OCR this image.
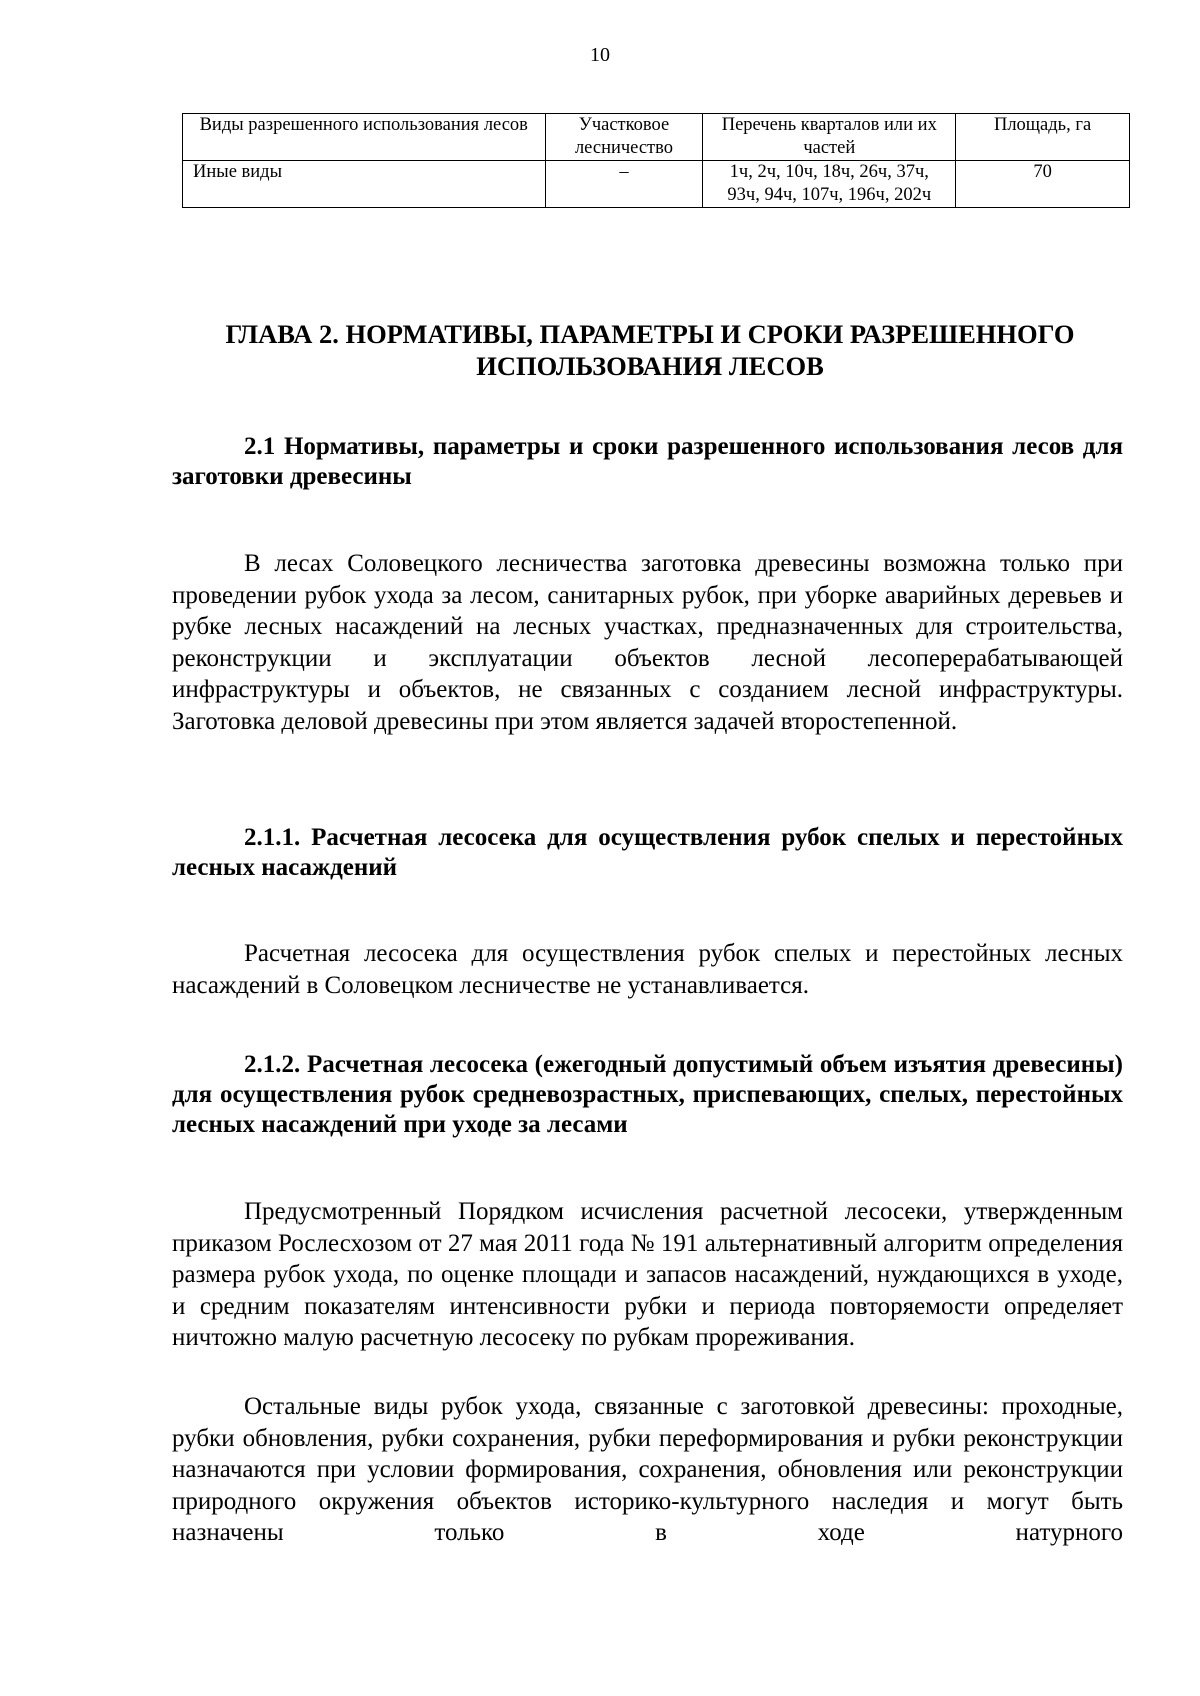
10
Виды разрешенного использования лесов	Участковое лесничество	Перечень кварталов или их частей	Площадь, га
Иные виды	–	1ч, 2ч, 10ч, 18ч, 26ч, 37ч, 93ч, 94ч, 107ч, 196ч, 202ч	70
ГЛАВА 2. НОРМАТИВЫ, ПАРАМЕТРЫ И СРОКИ РАЗРЕШЕННОГО ИСПОЛЬЗОВАНИЯ ЛЕСОВ
2.1 Нормативы, параметры и сроки разрешенного использования лесов для заготовки древесины

В лесах Соловецкого лесничества заготовка древесины возможна только при проведении рубок ухода за лесом, санитарных рубок, при уборке аварийных деревьев и рубке лесных насаждений на лесных участках, предназначенных для строительства, реконструкции и эксплуатации объектов лесной лесоперерабатывающей инфраструктуры и объектов, не связанных с созданием лесной инфраструктуры. Заготовка деловой древесины при этом является задачей второстепенной.

2.1.1. Расчетная лесосека для осуществления рубок спелых и перестойных лесных насаждений

Расчетная лесосека для осуществления рубок спелых и перестойных лесных насаждений в Соловецком лесничестве не устанавливается.

2.1.2. Расчетная лесосека (ежегодный допустимый объем изъятия древесины) для осуществления рубок средневозрастных, приспевающих, спелых, перестойных лесных насаждений при уходе за лесами

Предусмотренный Порядком исчисления расчетной лесосеки, утвержденным приказом Рослесхозом от 27 мая 2011 года № 191 альтернативный алгоритм определения размера рубок ухода, по оценке площади и запасов насаждений, нуждающихся в уходе, и средним показателям интенсивности рубки и периода повторяемости определяет ничтожно малую расчетную лесосеку по рубкам прореживания.

Остальные виды рубок ухода, связанные с заготовкой древесины: проходные, рубки обновления, рубки сохранения, рубки переформирования и рубки реконструкции назначаются при условии формирования, сохранения, обновления или реконструкции природного окружения объектов историко-культурного наследия и могут быть назначены только в ходе натурного
